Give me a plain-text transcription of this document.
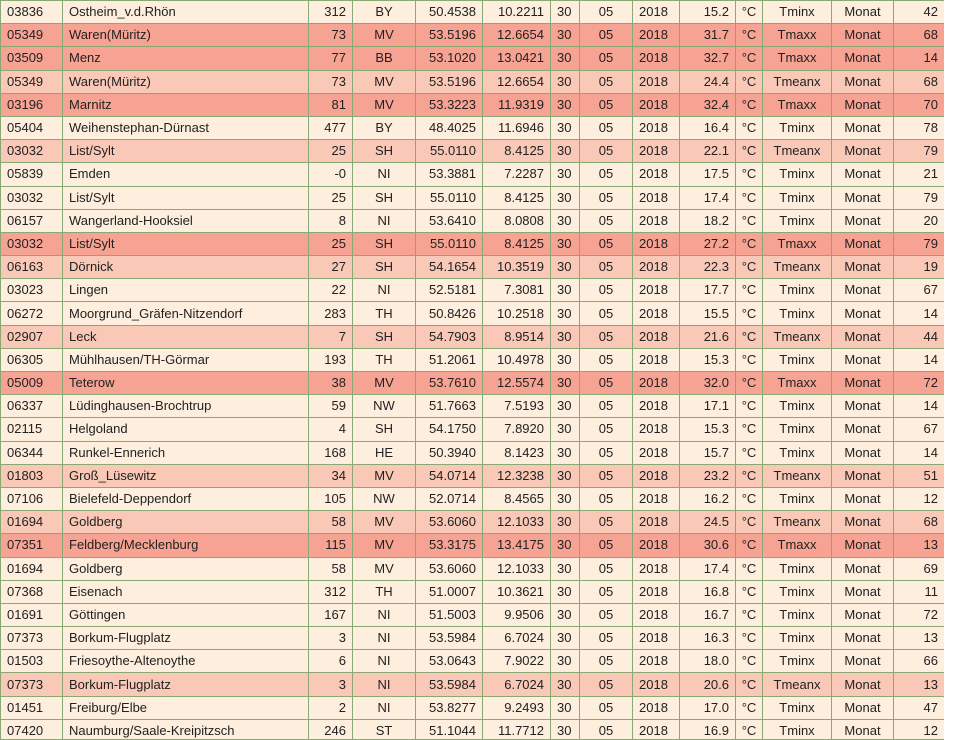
03836	Ostheim_v.d.Rhön	312	BY	50.4538	10.2211	30	05	2018	15.2	°C	Tminx	Monat	42
05349	Waren(Müritz)	73	MV	53.5196	12.6654	30	05	2018	31.7	°C	Tmaxx	Monat	68
03509	Menz	77	BB	53.1020	13.0421	30	05	2018	32.7	°C	Tmaxx	Monat	14
05349	Waren(Müritz)	73	MV	53.5196	12.6654	30	05	2018	24.4	°C	Tmeanx	Monat	68
03196	Marnitz	81	MV	53.3223	11.9319	30	05	2018	32.4	°C	Tmaxx	Monat	70
05404	Weihenstephan-Dürnast	477	BY	48.4025	11.6946	30	05	2018	16.4	°C	Tminx	Monat	78
03032	List/Sylt	25	SH	55.0110	8.4125	30	05	2018	22.1	°C	Tmeanx	Monat	79
05839	Emden	-0	NI	53.3881	7.2287	30	05	2018	17.5	°C	Tminx	Monat	21
03032	List/Sylt	25	SH	55.0110	8.4125	30	05	2018	17.4	°C	Tminx	Monat	79
06157	Wangerland-Hooksiel	8	NI	53.6410	8.0808	30	05	2018	18.2	°C	Tminx	Monat	20
03032	List/Sylt	25	SH	55.0110	8.4125	30	05	2018	27.2	°C	Tmaxx	Monat	79
06163	Dörnick	27	SH	54.1654	10.3519	30	05	2018	22.3	°C	Tmeanx	Monat	19
03023	Lingen	22	NI	52.5181	7.3081	30	05	2018	17.7	°C	Tminx	Monat	67
06272	Moorgrund_Gräfen-Nitzendorf	283	TH	50.8426	10.2518	30	05	2018	15.5	°C	Tminx	Monat	14
02907	Leck	7	SH	54.7903	8.9514	30	05	2018	21.6	°C	Tmeanx	Monat	44
06305	Mühlhausen/TH-Görmar	193	TH	51.2061	10.4978	30	05	2018	15.3	°C	Tminx	Monat	14
05009	Teterow	38	MV	53.7610	12.5574	30	05	2018	32.0	°C	Tmaxx	Monat	72
06337	Lüdinghausen-Brochtrup	59	NW	51.7663	7.5193	30	05	2018	17.1	°C	Tminx	Monat	14
02115	Helgoland	4	SH	54.1750	7.8920	30	05	2018	15.3	°C	Tminx	Monat	67
06344	Runkel-Ennerich	168	HE	50.3940	8.1423	30	05	2018	15.7	°C	Tminx	Monat	14
01803	Groß_Lüsewitz	34	MV	54.0714	12.3238	30	05	2018	23.2	°C	Tmeanx	Monat	51
07106	Bielefeld-Deppendorf	105	NW	52.0714	8.4565	30	05	2018	16.2	°C	Tminx	Monat	12
01694	Goldberg	58	MV	53.6060	12.1033	30	05	2018	24.5	°C	Tmeanx	Monat	68
07351	Feldberg/Mecklenburg	115	MV	53.3175	13.4175	30	05	2018	30.6	°C	Tmaxx	Monat	13
01694	Goldberg	58	MV	53.6060	12.1033	30	05	2018	17.4	°C	Tminx	Monat	69
07368	Eisenach	312	TH	51.0007	10.3621	30	05	2018	16.8	°C	Tminx	Monat	11
01691	Göttingen	167	NI	51.5003	9.9506	30	05	2018	16.7	°C	Tminx	Monat	72
07373	Borkum-Flugplatz	3	NI	53.5984	6.7024	30	05	2018	16.3	°C	Tminx	Monat	13
01503	Friesoythe-Altenoythe	6	NI	53.0643	7.9022	30	05	2018	18.0	°C	Tminx	Monat	66
07373	Borkum-Flugplatz	3	NI	53.5984	6.7024	30	05	2018	20.6	°C	Tmeanx	Monat	13
01451	Freiburg/Elbe	2	NI	53.8277	9.2493	30	05	2018	17.0	°C	Tminx	Monat	47
07420	Naumburg/Saale-Kreipitzsch	246	ST	51.1044	11.7712	30	05	2018	16.9	°C	Tminx	Monat	12
